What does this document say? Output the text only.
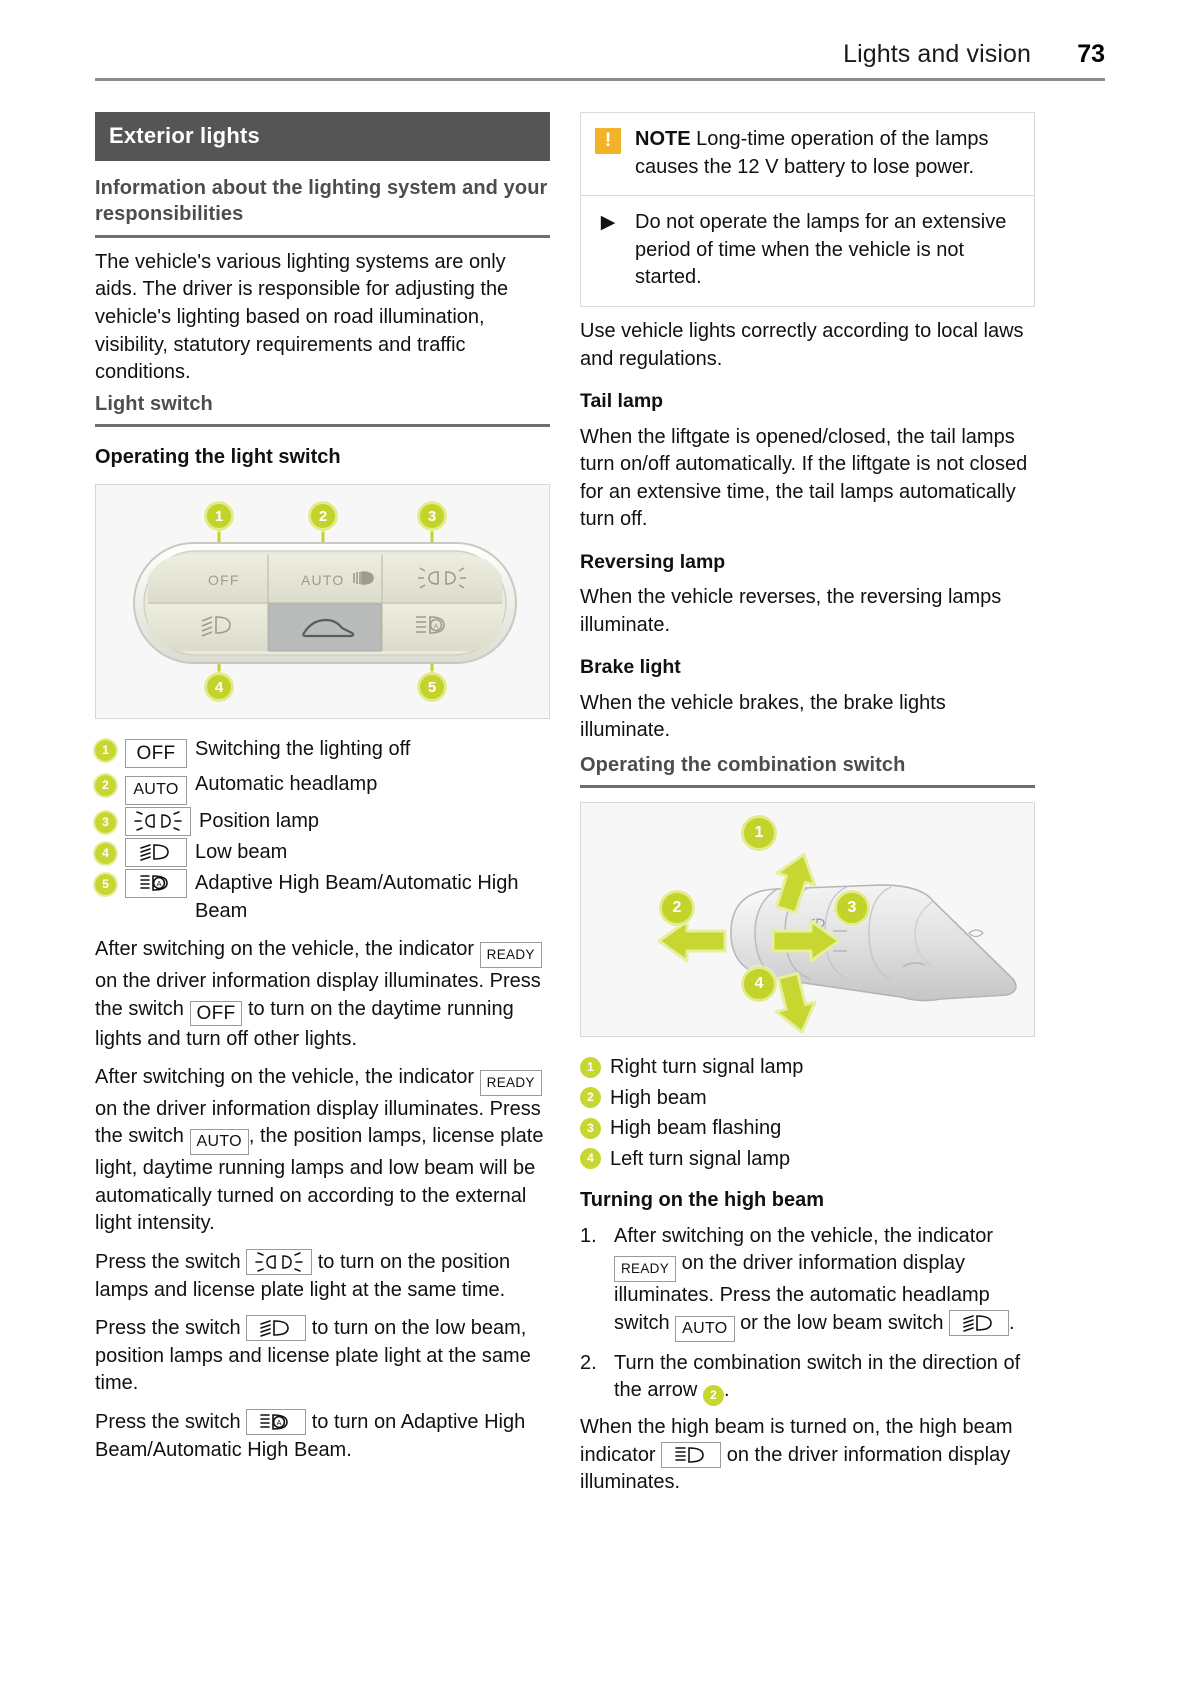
Lights and vision 73
Exterior lights
Information about the lighting system and your responsibilities

The vehicle's various lighting systems are only aids. The driver is responsible for adjusting the vehicle's lighting based on road illumination, visibility, statutory requirements and traffic conditions.

Light switch
Operating the light switch
OFF	AUTO
A
1	2	3
4	5
1	OFF Switching the lighting off
2	AUTO Automatic headlamp
3	Position lamp
4	Low beam
5	A Adaptive High Beam/Automatic High Beam

After switching on the vehicle, the indicator READY on the driver information display illuminates. Press the switch OFF to turn on the daytime running lights and turn off other lights.

After switching on the vehicle, the indicator READY on the driver information display illuminates. Press the switch AUTO , the position lamps, license plate light, daytime running lamps and low beam will be automatically turned on according to the external light intensity.

Press the switch	to turn on the position lamps and license plate light at the same time.

Press the switch	to turn on the low beam, position lamps and license plate light at the same time.

Press the switch	A to turn on Adaptive High Beam/Automatic High Beam.

!	NOTE Long-time operation of the lamps causes the 12 V battery to lose power.
▶ Do not operate the lamps for an extensive period of time when the vehicle is not started.

Use vehicle lights correctly according to local laws and regulations.

Tail lamp

When the liftgate is opened/closed, the tail lamps turn on/off automatically. If the liftgate is not closed for an extensive time, the tail lamps automatically turn off.

Reversing lamp

When the vehicle reverses, the reversing lamps illuminate.

Brake light

When the vehicle brakes, the brake lights illuminate.

Operating the combination switch
1
2	3
4
1 Right turn signal lamp
2 High beam
3 High beam flashing
4 Left turn signal lamp
Turning on the high beam
After switching on the vehicle, the indicator READY on the driver information display illuminates. Press the automatic headlamp switch AUTO or the low beam switch	.
Turn the combination switch in the direction of the arrow 2 .

When the high beam is turned on, the high beam indicator	on the driver information display illuminates.
